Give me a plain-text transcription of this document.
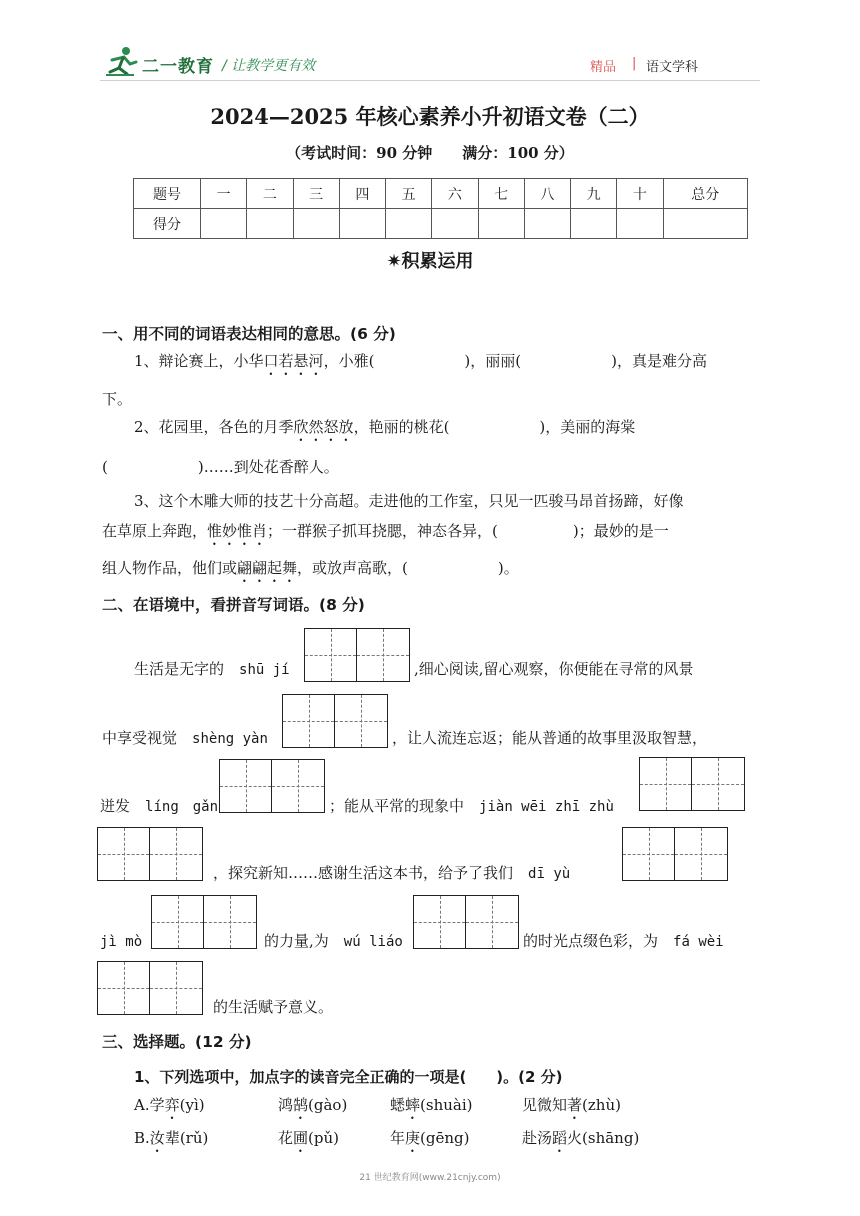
二一教育 / 让教学更有效	精品 | 语文学科
2024—2025 年核心素养小升初语文卷（二）
（考试时间：90 分钟　　满分：100 分）
题号	一	二	三	四	五	六	七	八	九	十	总分
得分											
✷积累运用
一、用不同的词语表达相同的意思。(6 分)
1、辩论赛上，小华口若悬河，小雅(　　　　　　)，丽丽(　　　　　　)，真是难分高
下。
2、花园里，各色的月季欣然怒放，艳丽的桃花(　　　　　　)，美丽的海棠
(　　　　　　)……到处花香醉人。
3、这个木雕大师的技艺十分高超。走进他的工作室，只见一匹骏马昂首扬蹄，好像
在草原上奔跑，惟妙惟肖；一群猴子抓耳挠腮，神态各异，(　　　　　)；最妙的是一
组人物作品，他们或翩翩起舞，或放声高歌，(　　　　　　)。
二、在语境中，看拼音写词语。(8 分)
生活是无字的　 shū jí	,细心阅读,留心观察，你便能在寻常的风景
中享受视觉　 shèng yàn	，让人流连忘返；能从普通的故事里汲取智慧，
迸发　 líng　gǎn	；能从平常的现象中　 jiàn wēi zhī zhù
，探究新知……感谢生活这本书，给予了我们　 dī yù
jì mò	的力量,为　 wú liáo	的时光点缀色彩，为　 fá wèi
的生活赋予意义。
三、选择题。(12 分)
1、下列选项中，加点字的读音完全正确的一项是(　　)。(2 分)
A.学弈(yì)	鸿鹄(gào)	蟋蟀(shuài)	见微知著(zhù)
B.汝辈(rǔ)	花圃(pǔ)	年庚(gēng)	赴汤蹈火(shāng)
21 世纪教育网(www.21cnjy.com)
